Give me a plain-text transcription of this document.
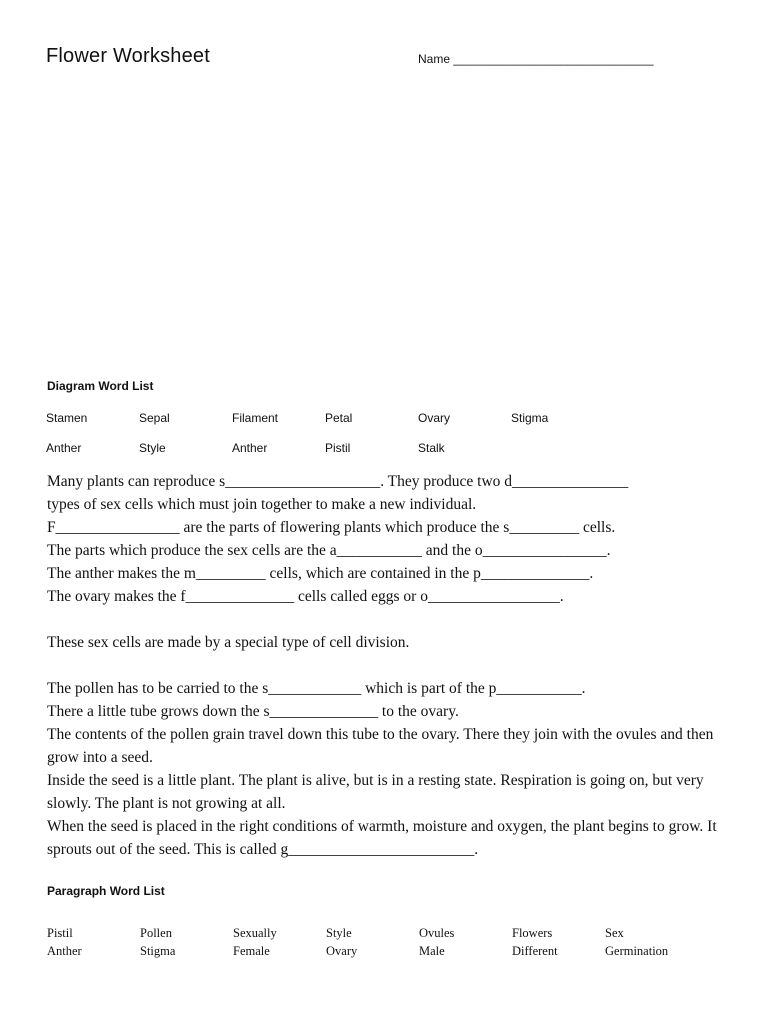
Flower Worksheet	Name ______________________________
Diagram Word List
Stamen	Sepal	Filament	Petal	Ovary	Stigma
Anther	Style	Anther	Pistil	Stalk

Many plants can reproduce s____________________. They produce two d_______________

types of sex cells which must join together to make a new individual.

F________________ are the parts of flowering plants which produce the s_________ cells.

The parts which produce the sex cells are the a___________ and the o________________.

The anther makes the m_________ cells, which are contained in the p______________.

The ovary makes the f______________ cells called eggs or o_________________.

These sex cells are made by a special type of cell division.

The pollen has to be carried to the s____________ which is part of the p___________.

There a little tube grows down the s______________ to the ovary.

The contents of the pollen grain travel down this tube to the ovary. There they join with the ovules and then grow into a seed.

Inside the seed is a little plant. The plant is alive, but is in a resting state. Respiration is going on, but very slowly. The plant is not growing at all.

When the seed is placed in the right conditions of warmth, moisture and oxygen, the plant begins to grow. It sprouts out of the seed. This is called g________________________.

Paragraph Word List
Pistil	Pollen	Sexually	Style	Ovules	Flowers	Sex
Anther	Stigma	Female	Ovary	Male	Different	Germination
